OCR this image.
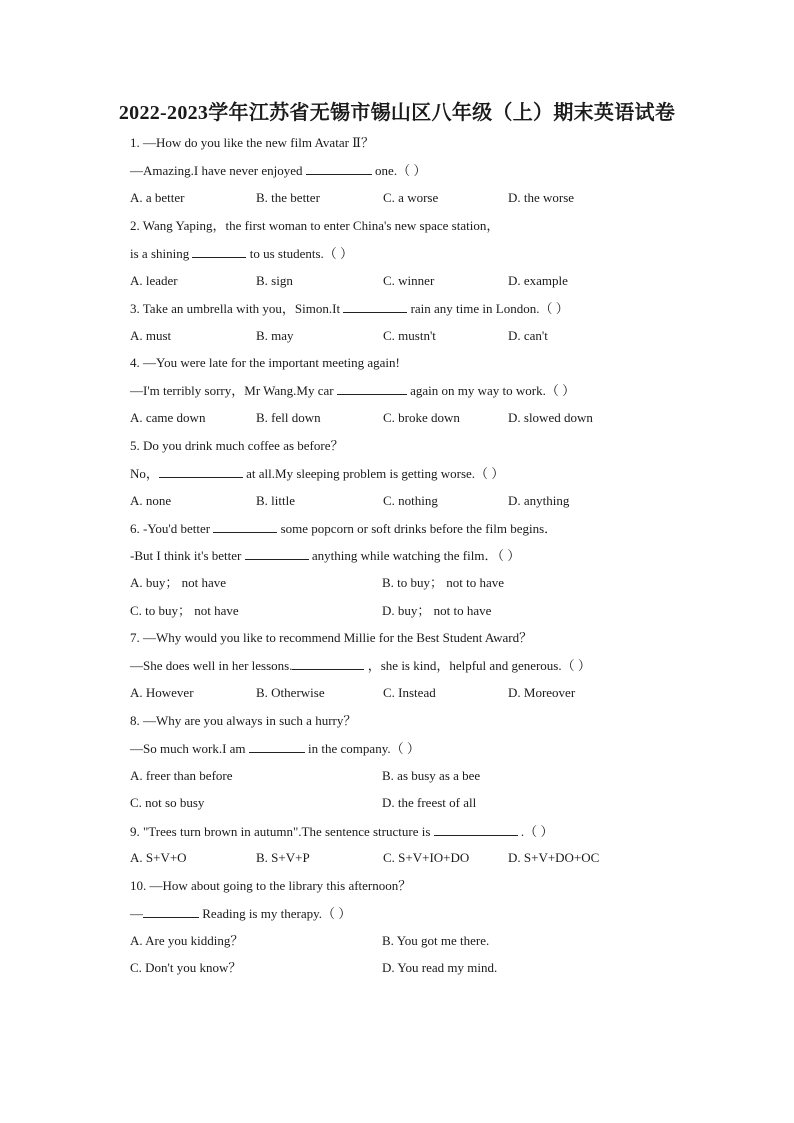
2022-2023学年江苏省无锡市锡山区八年级（上）期末英语试卷

1. —How do you like the new film Avatar Ⅱ？

—Amazing.I have never enjoyed	one.（ ）

A. a better	B. the better	C. a worse	D. the worse

2. Wang Yaping，the first woman to enter China's new space station，

is a shining	to us students.（ ）

A. leader	B. sign	C. winner	D. example

3. Take an umbrella with you，Simon.It	rain any time in London.（ ）

A. must	B. may	C. mustn't	D. can't

4. —You were late for the important meeting again!

—I'm terribly sorry，Mr Wang.My car	again on my way to work.（ ）

A. came down	B. fell down	C. broke down	D. slowed down

5. Do you drink much coffee as before？

No，	at all.My sleeping problem is getting worse.（ ）

A. none	B. little	C. nothing	D. anything

6. -You'd better	some popcorn or soft drinks before the film begins．

-But I think it's better	anything while watching the film．（ ）

A. buy； not have	B. to buy； not to have
C. to buy； not have	D. buy； not to have

7. —Why would you like to recommend Millie for the Best Student Award？

—She does well in her lessons.	，she is kind，helpful and generous.（ ）

A. However	B. Otherwise	C. Instead	D. Moreover

8. —Why are you always in such a hurry？

—So much work.I am	in the company.（ ）

A. freer than before	B. as busy as a bee
C. not so busy	D. the freest of all

9. "Trees turn brown in autumn".The sentence structure is	.（ ）

A. S+V+O	B. S+V+P	C. S+V+IO+DO	D. S+V+DO+OC

10. —How about going to the library this afternoon？

—	Reading is my therapy.（ ）

A. Are you kidding？	B. You got me there.
C. Don't you know？	D. You read my mind.
